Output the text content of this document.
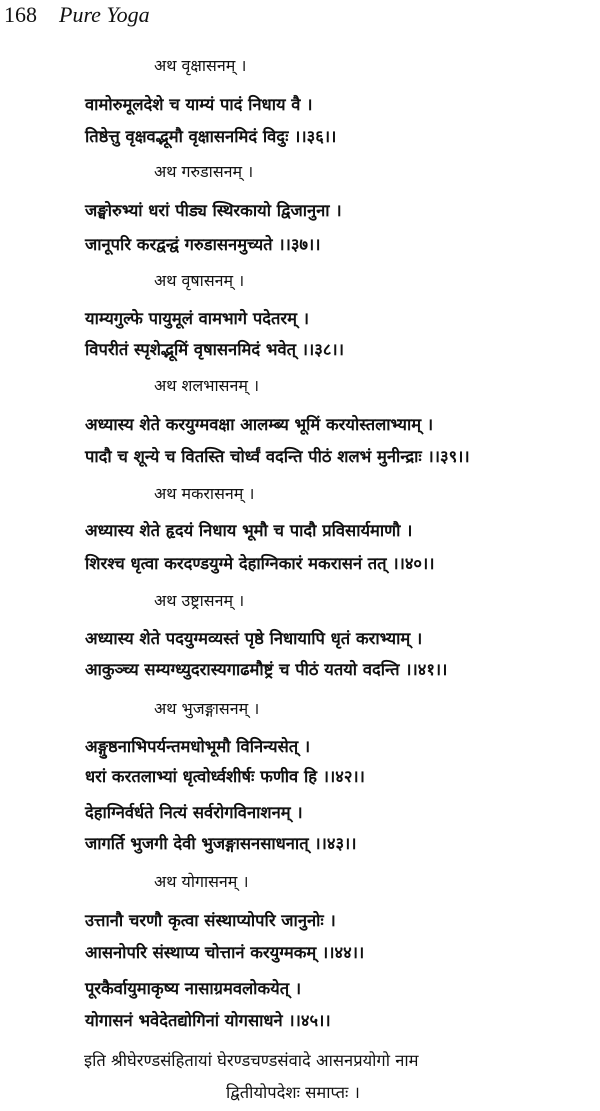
168 Pure Yoga
अथ वृक्षासनम् ।
वामोरुमूलदेशे च याम्यं पादं निधाय वै ।
तिष्ठेत्तु वृक्षवद्भूमौ वृक्षासनमिदं विदुः ।।३६।।
अथ गरुडासनम् ।
जङ्घोरुभ्यां धरां पीड्य स्थिरकायो द्विजानुना ।
जानूपरि करद्वन्द्वं गरुडासनमुच्यते ।।३७।।
अथ वृषासनम् ।
याम्यगुल्फे पायुमूलं वामभागे पदेतरम् ।
विपरीतं स्पृशेद्भूमिं वृषासनमिदं भवेत् ।।३८।।
अथ शलभासनम् ।
अध्यास्य शेते करयुग्मवक्षा आलम्ब्य भूमिं करयोस्तलाभ्याम् ।
पादौ च शून्ये च वितस्ति चोर्ध्वं वदन्ति पीठं शलभं मुनीन्द्राः ।।३९।।
अथ मकरासनम् ।
अध्यास्य शेते हृदयं निधाय भूमौ च पादौ प्रविसार्यमाणौ ।
शिरश्च धृत्वा करदण्डयुग्मे देहाग्निकारं मकरासनं तत् ।।४०।।
अथ उष्ट्रासनम् ।
अध्यास्य शेते पदयुग्मव्यस्तं पृष्ठे निधायापि धृतं कराभ्याम् ।
आकुञ्च्य सम्यग्ध्युदरास्यगाढमौष्ट्रं च पीठं यतयो वदन्ति ।।४१।।
अथ भुजङ्गासनम् ।
अङ्गुष्ठनाभिपर्यन्तमधोभूमौ विनिन्यसेत् ।
धरां करतलाभ्यां धृत्वोर्ध्वशीर्षः फणीव हि ।।४२।।
देहाग्निर्वर्धते नित्यं सर्वरोगविनाशनम् ।
जागर्ति भुजगी देवी भुजङ्गासनसाधनात् ।।४३।।
अथ योगासनम् ।
उत्तानौ चरणौ कृत्वा संस्थाप्योपरि जानुनोः ।
आसनोपरि संस्थाप्य चोत्तानं करयुग्मकम् ।।४४।।
पूरकैर्वायुमाकृष्य नासाग्रमवलोकयेत् ।
योगासनं भवेदेतद्योगिनां योगसाधने ।।४५।।
इति श्रीघेरण्डसंहितायां घेरण्डचण्डसंवादे आसनप्रयोगो नाम
द्वितीयोपदेशः समाप्तः ।
